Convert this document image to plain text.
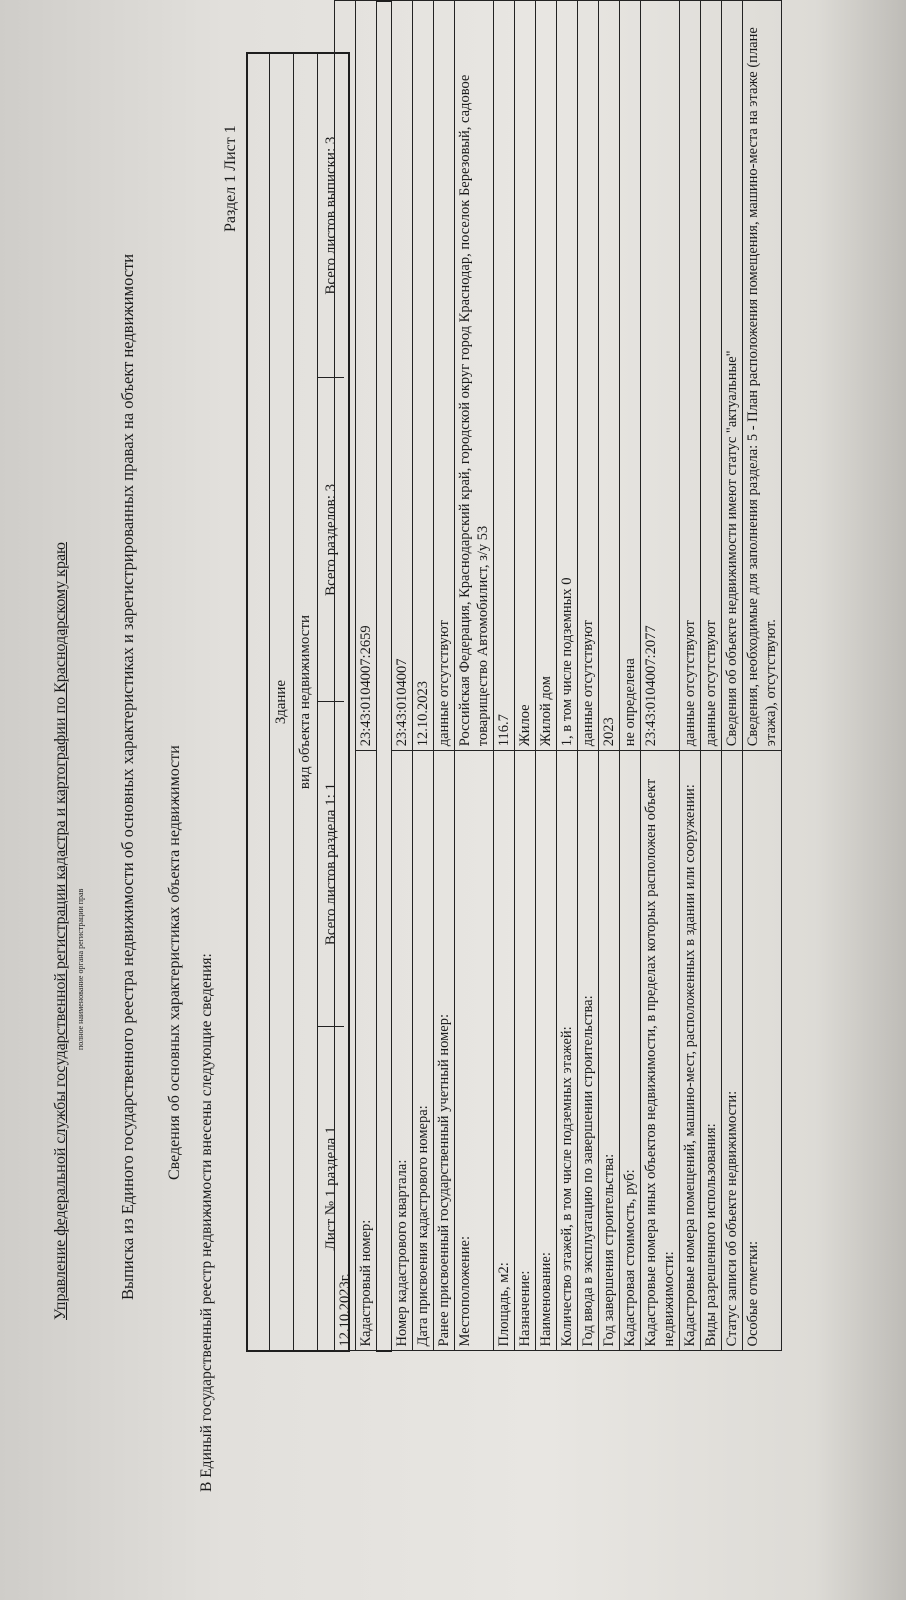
Управление федеральной службы государственной регистрации кадастра и картографии по Краснодарскому краю полное наименование органа регистрации прав Выписка из Единого государственного реестра недвижимости об основных характеристиках и зарегистрированных правах на объект недвижимости Сведения об основных характеристиках объекта недвижимости В Единый государственный реестр недвижимости внесены следующие сведения:
Раздел 1 Лист 1
Здание вид объекта недвижимости
Лист № 1 раздела 1
Всего листов раздела 1: 1
Всего разделов: 3
Всего листов выписки: 3
12.10.2023г.	
Кадастровый номер:	23:43:0104007:2659

Номер кадастрового квартала:	23:43:0104007
Дата присвоения кадастрового номера:	12.10.2023
Ранее присвоенный государственный учетный номер:	данные отсутствуют
Местоположение:	Российская Федерация, Краснодарский край, городской округ город Краснодар, поселок Березовый, садовое товарищество Автомобилист, з/у 53
Площадь, м2:	116.7
Назначение:	Жилое
Наименование:	Жилой дом
Количество этажей, в том числе подземных этажей:	1, в том числе подземных 0
Год ввода в эксплуатацию по завершении строительства:	данные отсутствуют
Год завершения строительства:	2023
Кадастровая стоимость, руб:	не определена
Кадастровые номера иных объектов недвижимости, в пределах которых расположен объект недвижимости:	23:43:0104007:2077
Кадастровые номера помещений, машино-мест, расположенных в здании или сооружении:	данные отсутствуют
Виды разрешенного использования:	данные отсутствуют
Статус записи об объекте недвижимости:	Сведения об объекте недвижимости имеют статус "актуальные"
Особые отметки:	Сведения, необходимые для заполнения раздела: 5 - План расположения помещения, машино-места на этаже (плане этажа), отсутствуют.
